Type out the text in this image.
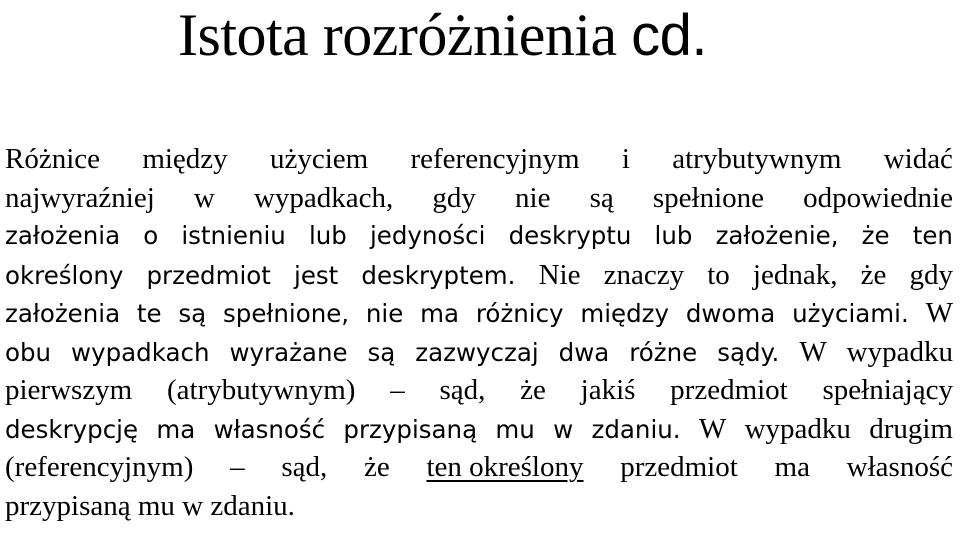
Istota rozróżnienia cd.
Różnice między użyciem referencyjnym i atrybutywnym widać
najwyraźniej w wypadkach, gdy nie są spełnione odpowiednie
założenia o istnieniu lub jedyności deskryptu lub założenie, że ten
określony przedmiot jest deskryptem. Nie znaczy to jednak, że gdy
założenia te są spełnione, nie ma różnicy między dwoma użyciami. W
obu wypadkach wyrażane są zazwyczaj dwa różne sądy. W wypadku
pierwszym (atrybutywnym) – sąd, że jakiś przedmiot spełniający
deskrypcję ma własność przypisaną mu w zdaniu. W wypadku drugim
(referencyjnym) – sąd, że ten określony przedmiot ma własność
przypisaną mu w zdaniu.
